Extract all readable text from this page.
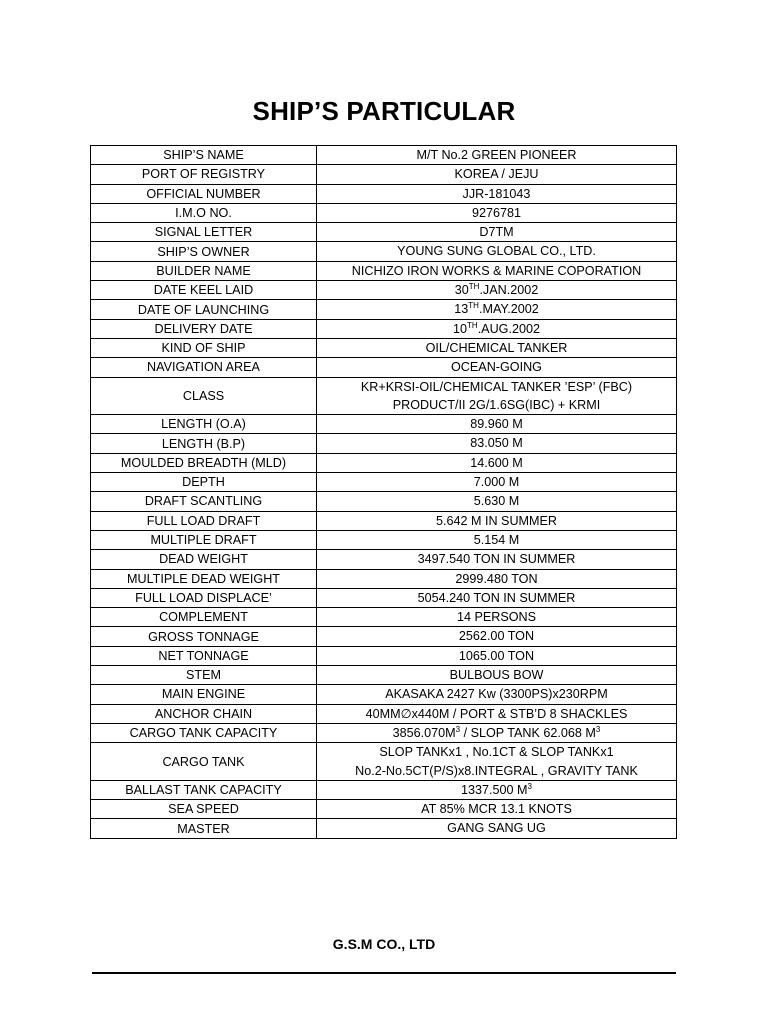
SHIP’S PARTICULAR
SHIP’S NAME	M/T No.2 GREEN PIONEER

PORT OF REGISTRY	KOREA / JEJU

OFFICIAL NUMBER	JJR-181043

I.M.O NO.	9276781

SIGNAL LETTER	D7TM

SHIP’S OWNER	YOUNG SUNG GLOBAL CO., LTD.

BUILDER NAME	NICHIZO IRON WORKS & MARINE COPORATION

DATE KEEL LAID	30TH.JAN.2002

DATE OF LAUNCHING	13TH.MAY.2002

DELIVERY DATE	10TH.AUG.2002

KIND OF SHIP	OIL/CHEMICAL TANKER

NAVIGATION AREA	OCEAN-GOING

CLASS	KR+KRSI-OIL/CHEMICAL TANKER ’ESP’ (FBC)
PRODUCT/II 2G/1.6SG(IBC) + KRMI

LENGTH (O.A)	89.960 M

LENGTH (B.P)	83.050 M

MOULDED BREADTH (MLD)	14.600 M

DEPTH	7.000 M

DRAFT SCANTLING	5.630 M

FULL LOAD DRAFT	5.642 M IN SUMMER

MULTIPLE DRAFT	5.154 M

DEAD WEIGHT	3497.540 TON IN SUMMER

MULTIPLE DEAD WEIGHT	2999.480 TON

FULL LOAD DISPLACE’	5054.240 TON IN SUMMER

COMPLEMENT	14 PERSONS

GROSS TONNAGE	2562.00 TON

NET TONNAGE	1065.00 TON

STEM	BULBOUS BOW

MAIN ENGINE	AKASAKA 2427 Kw (3300PS)x230RPM

ANCHOR CHAIN	40MM∅x440M / PORT & STB’D 8 SHACKLES

CARGO TANK CAPACITY	$3856.070M^3$ / SLOP TANK 62.068 $M^3$

CARGO TANK	SLOP TANKx1 , No.1CT & SLOP TANKx1
No.2-No.5CT(P/S)x8.INTEGRAL , GRAVITY TANK

BALLAST TANK CAPACITY	1337.500 $M^3$

SEA SPEED	AT 85% MCR 13.1 KNOTS

MASTER	GANG SANG UG
G.S.M CO., LTD
